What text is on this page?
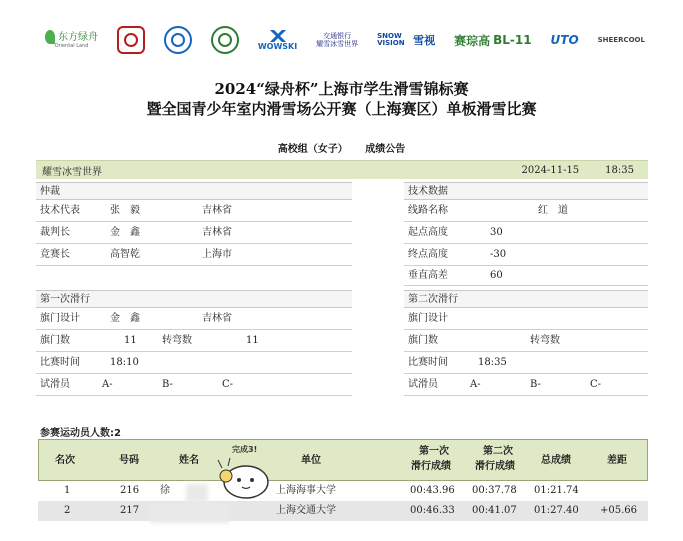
东方绿舟
Oriental Land	WOWSKI
交通银行
耀雪冰雪世界
SNOW VISION 雪视 赛琮高 BL-11 UTO	SHEERCOOL
2024“绿舟杯”上海市学生滑雪锦标赛
暨全国青少年室内滑雪场公开赛（上海赛区）单板滑雪比赛
高校组（女子） 成绩公告
耀雪冰雪世界	2024-11-15	18:35
仲裁
技术代表	张　毅	吉林省
裁判长	金　鑫	吉林省
竞赛长	高智乾	上海市
技术数据
线路名称	红　道
起点高度	30
终点高度	-30
垂直高差	60
第一次滑行
旗门设计	金　鑫	吉林省
旗门数	11	转弯数	11
比赛时间	18:10
试滑员	A-	B-	C-
第二次滑行
旗门设计
旗门数	转弯数
比赛时间	18:35
试滑员	A-	B-	C-
参赛运动员人数:2
名次	号码	姓名	单位
第一次
滑行成绩
第二次
滑行成绩
总成绩	差距
1	216 徐	上海海事大学	00:43.96 00:37.78 01:21.74
2	217	上海交通大学	00:46.33 00:41.07 01:27.40 +05.66
完成3!
